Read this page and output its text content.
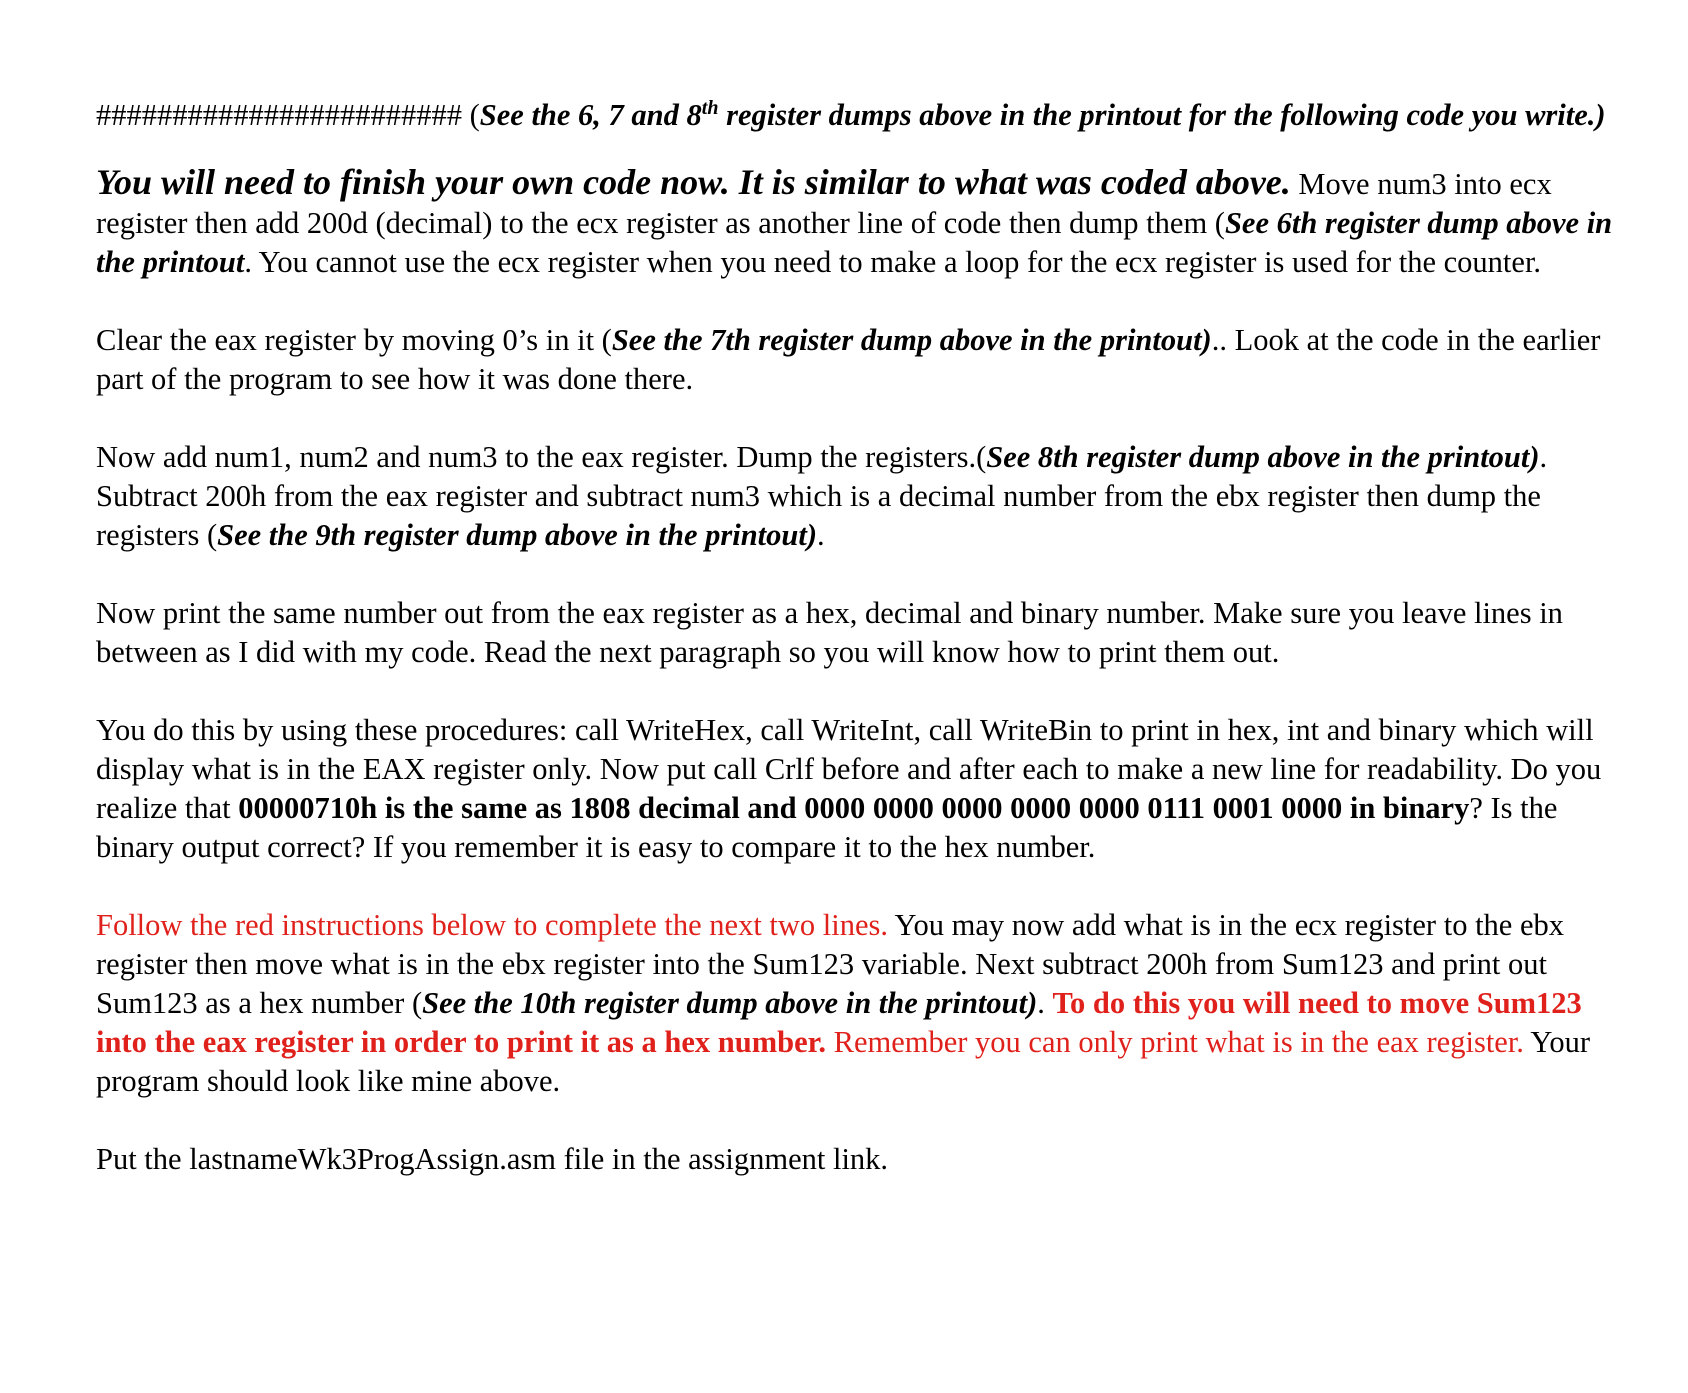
######################## (See the 6, 7 and 8th register dumps above in the printout for the following code you write.)

You will need to finish your own code now. It is similar to what was coded above. Move num3 into ecx register then add 200d (decimal) to the ecx register as another line of code then dump them (See 6th register dump above in the printout. You cannot use the ecx register when you need to make a loop for the ecx register is used for the counter.

Clear the eax register by moving 0’s in it (See the 7th register dump above in the printout).. Look at the code in the earlier part of the program to see how it was done there.

Now add num1, num2 and num3 to the eax register. Dump the registers.(See 8th register dump above in the printout).

Subtract 200h from the eax register and subtract num3 which is a decimal number from the ebx register then dump the registers (See the 9th register dump above in the printout).

Now print the same number out from the eax register as a hex, decimal and binary number. Make sure you leave lines in between as I did with my code. Read the next paragraph so you will know how to print them out.

You do this by using these procedures: call WriteHex, call WriteInt, call WriteBin to print in hex, int and binary which will display what is in the EAX register only. Now put call Crlf before and after each to make a new line for readability. Do you realize that 00000710h is the same as 1808 decimal and 0000 0000 0000 0000 0000 0111 0001 0000 in binary? Is the binary output correct? If you remember it is easy to compare it to the hex number.

Follow the red instructions below to complete the next two lines. You may now add what is in the ecx register to the ebx register then move what is in the ebx register into the Sum123 variable. Next subtract 200h from Sum123 and print out Sum123 as a hex number (See the 10th register dump above in the printout). To do this you will need to move Sum123 into the eax register in order to print it as a hex number. Remember you can only print what is in the eax register. Your program should look like mine above.

Put the lastnameWk3ProgAssign.asm file in the assignment link.
